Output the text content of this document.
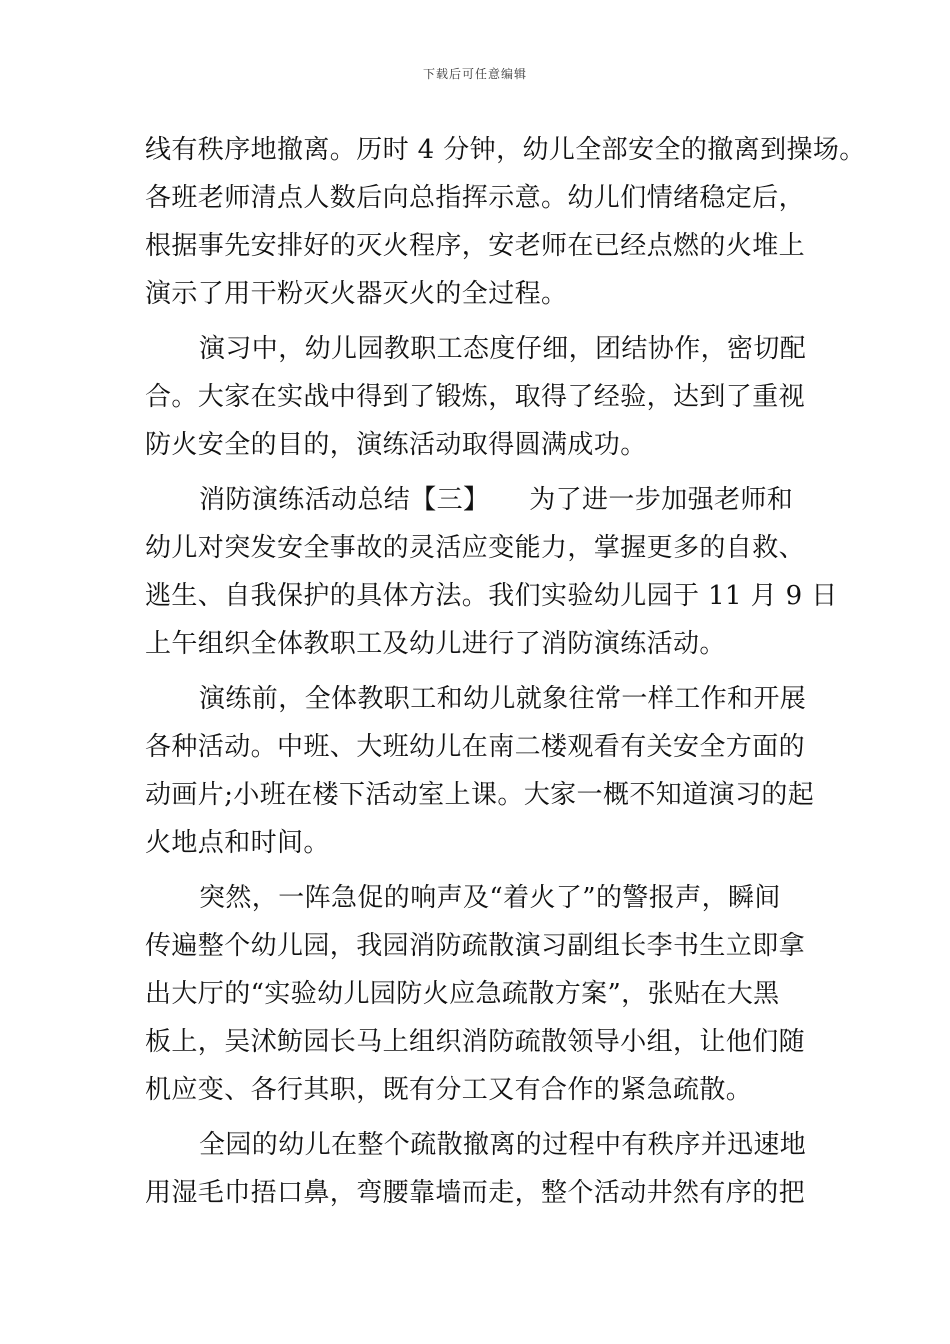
下载后可任意编辑
线有秩序地撤离。历时 4 分钟，幼儿全部安全的撤离到操场。
各班老师清点人数后向总指挥示意。幼儿们情绪稳定后，
根据事先安排好的灭火程序，安老师在已经点燃的火堆上
演示了用干粉灭火器灭火的全过程。
演习中，幼儿园教职工态度仔细，团结协作，密切配
合。大家在实战中得到了锻炼，取得了经验，达到了重视
防火安全的目的，演练活动取得圆满成功。
消防演练活动总结【三】　　为了进一步加强老师和
幼儿对突发安全事故的灵活应变能力，掌握更多的自救、
逃生、自我保护的具体方法。我们实验幼儿园于 11 月 9 日
上午组织全体教职工及幼儿进行了消防演练活动。
演练前，全体教职工和幼儿就象往常一样工作和开展
各种活动。中班、大班幼儿在南二楼观看有关安全方面的
动画片;小班在楼下活动室上课。大家一概不知道演习的起
火地点和时间。
突然，一阵急促的响声及“着火了”的警报声，瞬间
传遍整个幼儿园，我园消防疏散演习副组长李书生立即拿
出大厅的“实验幼儿园防火应急疏散方案”，张贴在大黑
板上，吴沭鲂园长马上组织消防疏散领导小组，让他们随
机应变、各行其职，既有分工又有合作的紧急疏散。
全园的幼儿在整个疏散撤离的过程中有秩序并迅速地
用湿毛巾捂口鼻，弯腰靠墙而走，整个活动井然有序的把
